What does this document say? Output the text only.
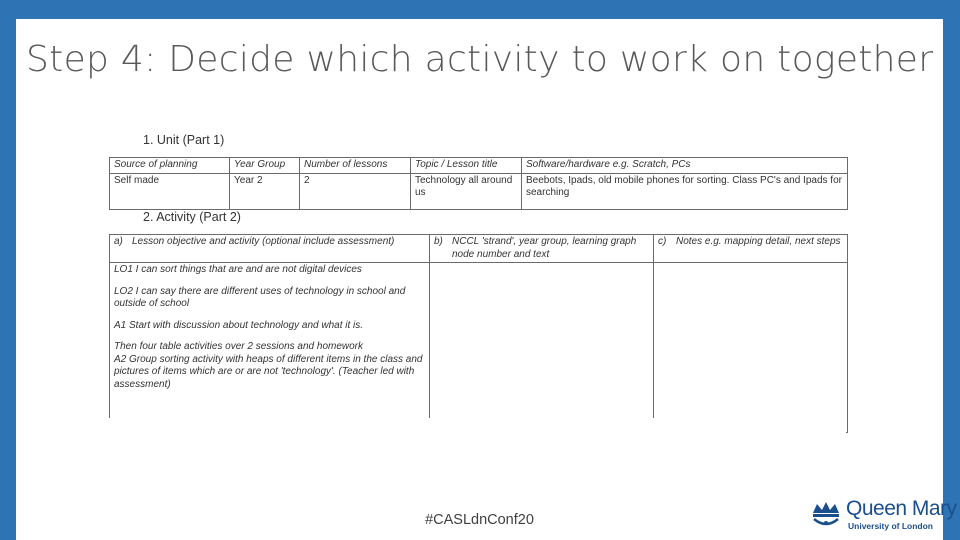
Step 4: Decide which activity to work on together
1. Unit (Part 1)
Source of planning	Year Group	Number of lessons	Topic / Lesson title	Software/hardware e.g. Scratch, PCs
Self made	Year 2	2	Technology all around us	Beebots, Ipads, old mobile phones for sorting. Class PC's and Ipads for searching
2. Activity (Part 2)
a) Lesson objective and activity (optional include assessment)	b) NCCL 'strand', year group, learning graph node number and text	c) Notes e.g. mapping detail, next steps

LO1 I can sort things that are and are not digital devices

LO2 I can say there are different uses of technology in school and outside of school

A1 Start with discussion about technology and what it is.

Then four table activities over 2 sessions and homework

A2 Group sorting activity with heaps of different items in the class and pictures of items which are or are not 'technology'. (Teacher led with assessment)		

#CASLdnConf20	Queen Mary
University of London
